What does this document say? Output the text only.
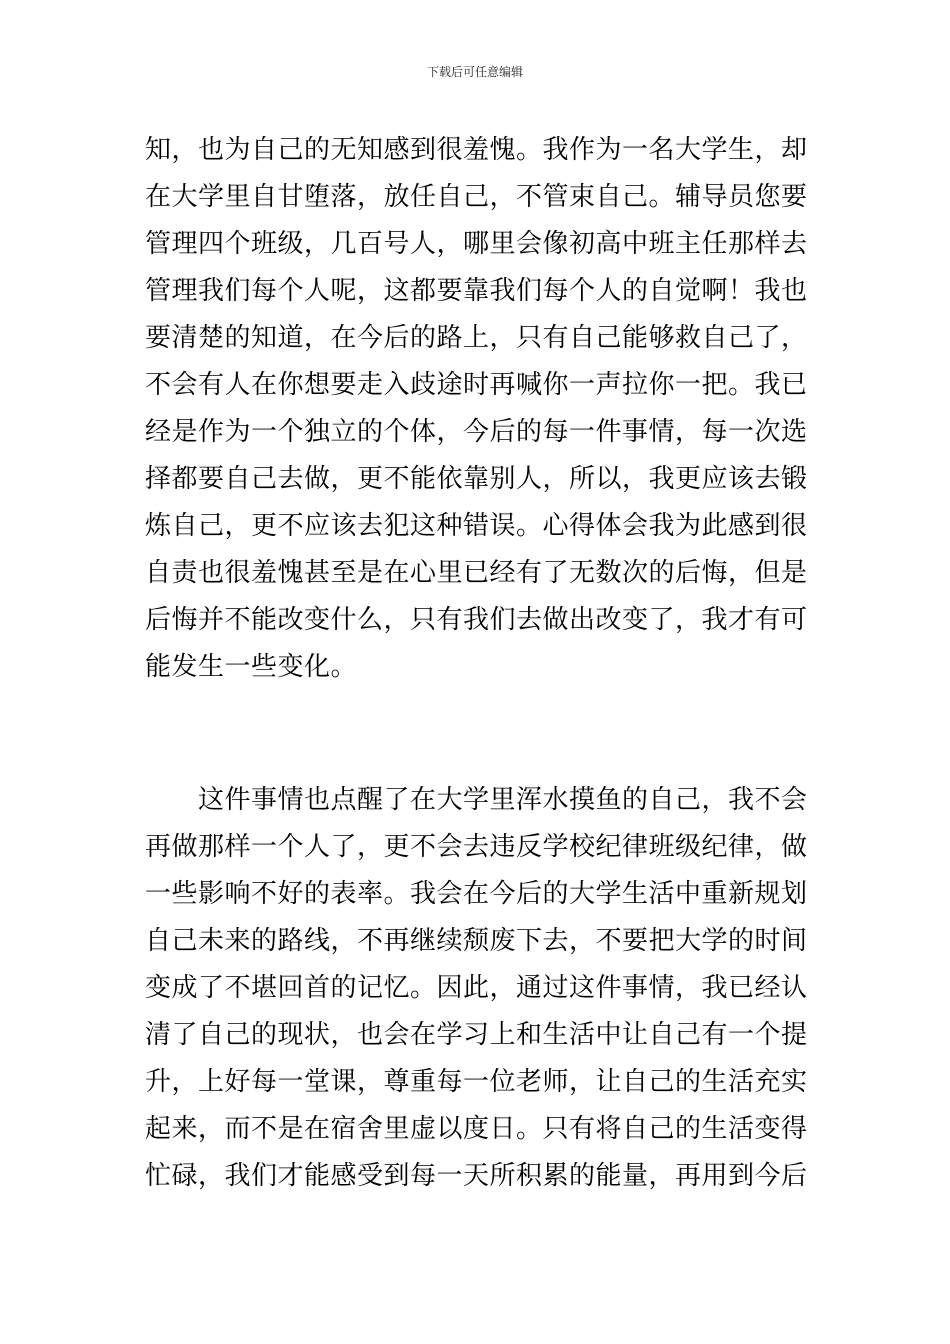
下载后可任意编辑
知，也为自己的无知感到很羞愧。我作为一名大学生，却
在大学里自甘堕落，放任自己，不管束自己。辅导员您要
管理四个班级，几百号人，哪里会像初高中班主任那样去
管理我们每个人呢，这都要靠我们每个人的自觉啊！我也
要清楚的知道，在今后的路上，只有自己能够救自己了，
不会有人在你想要走入歧途时再喊你一声拉你一把。我已
经是作为一个独立的个体，今后的每一件事情，每一次选
择都要自己去做，更不能依靠别人，所以，我更应该去锻
炼自己，更不应该去犯这种错误。心得体会我为此感到很
自责也很羞愧甚至是在心里已经有了无数次的后悔，但是
后悔并不能改变什么，只有我们去做出改变了，我才有可
能发生一些变化。
这件事情也点醒了在大学里浑水摸鱼的自己，我不会
再做那样一个人了，更不会去违反学校纪律班级纪律，做
一些影响不好的表率。我会在今后的大学生活中重新规划
自己未来的路线，不再继续颓废下去，不要把大学的时间
变成了不堪回首的记忆。因此，通过这件事情，我已经认
清了自己的现状，也会在学习上和生活中让自己有一个提
升，上好每一堂课，尊重每一位老师，让自己的生活充实
起来，而不是在宿舍里虚以度日。只有将自己的生活变得
忙碌，我们才能感受到每一天所积累的能量，再用到今后
